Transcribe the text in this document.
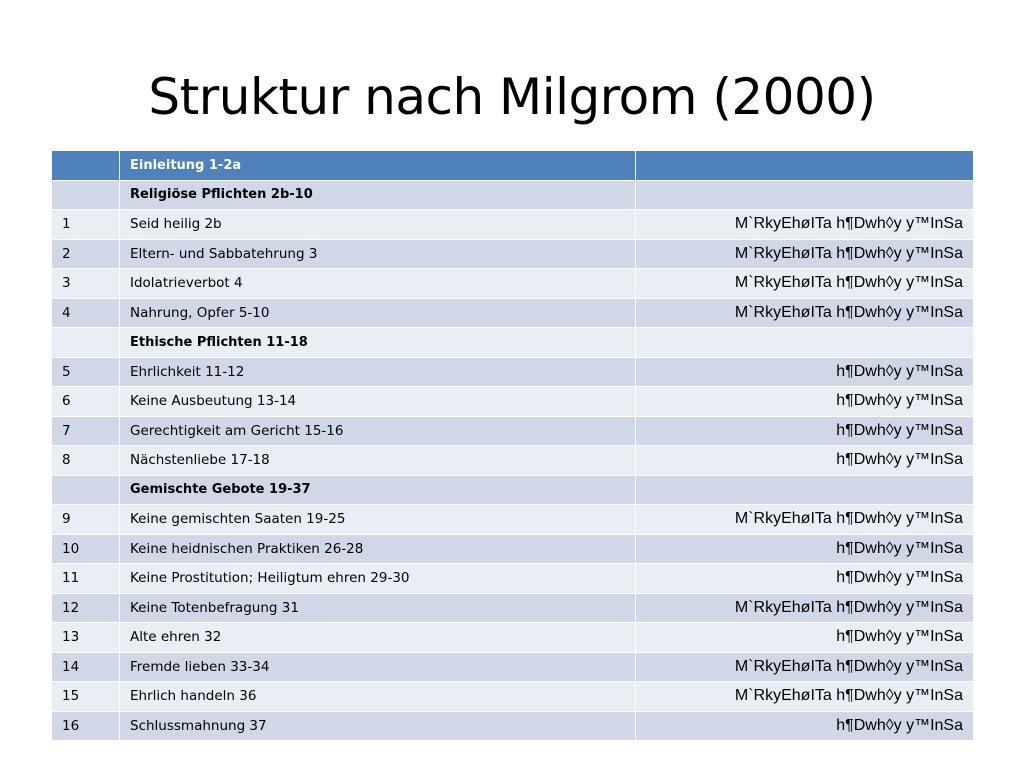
Struktur nach Milgrom (2000)
	Einleitung 1-2a	
	Religiöse Pflichten 2b-10	
1	Seid heilig 2b	M`RkyEhøITa h¶Dwh◊y y™InSa
2	Eltern- und Sabbatehrung 3	M`RkyEhøITa h¶Dwh◊y y™InSa
3	Idolatrieverbot 4	M`RkyEhøITa h¶Dwh◊y y™InSa
4	Nahrung, Opfer 5-10	M`RkyEhøITa h¶Dwh◊y y™InSa
	Ethische Pflichten 11-18	
5	Ehrlichkeit 11-12	h¶Dwh◊y y™InSa
6	Keine Ausbeutung 13-14	h¶Dwh◊y y™InSa
7	Gerechtigkeit am Gericht 15-16	h¶Dwh◊y y™InSa
8	Nächstenliebe 17-18	h¶Dwh◊y y™InSa
	Gemischte Gebote 19-37	
9	Keine gemischten Saaten 19-25	M`RkyEhøITa h¶Dwh◊y y™InSa
10	Keine heidnischen Praktiken 26-28	h¶Dwh◊y y™InSa
11	Keine Prostitution; Heiligtum ehren 29-30	h¶Dwh◊y y™InSa
12	Keine Totenbefragung 31	M`RkyEhøITa h¶Dwh◊y y™InSa
13	Alte ehren 32	h¶Dwh◊y y™InSa
14	Fremde lieben 33-34	M`RkyEhøITa h¶Dwh◊y y™InSa
15	Ehrlich handeln 36	M`RkyEhøITa h¶Dwh◊y y™InSa
16	Schlussmahnung 37	h¶Dwh◊y y™InSa
